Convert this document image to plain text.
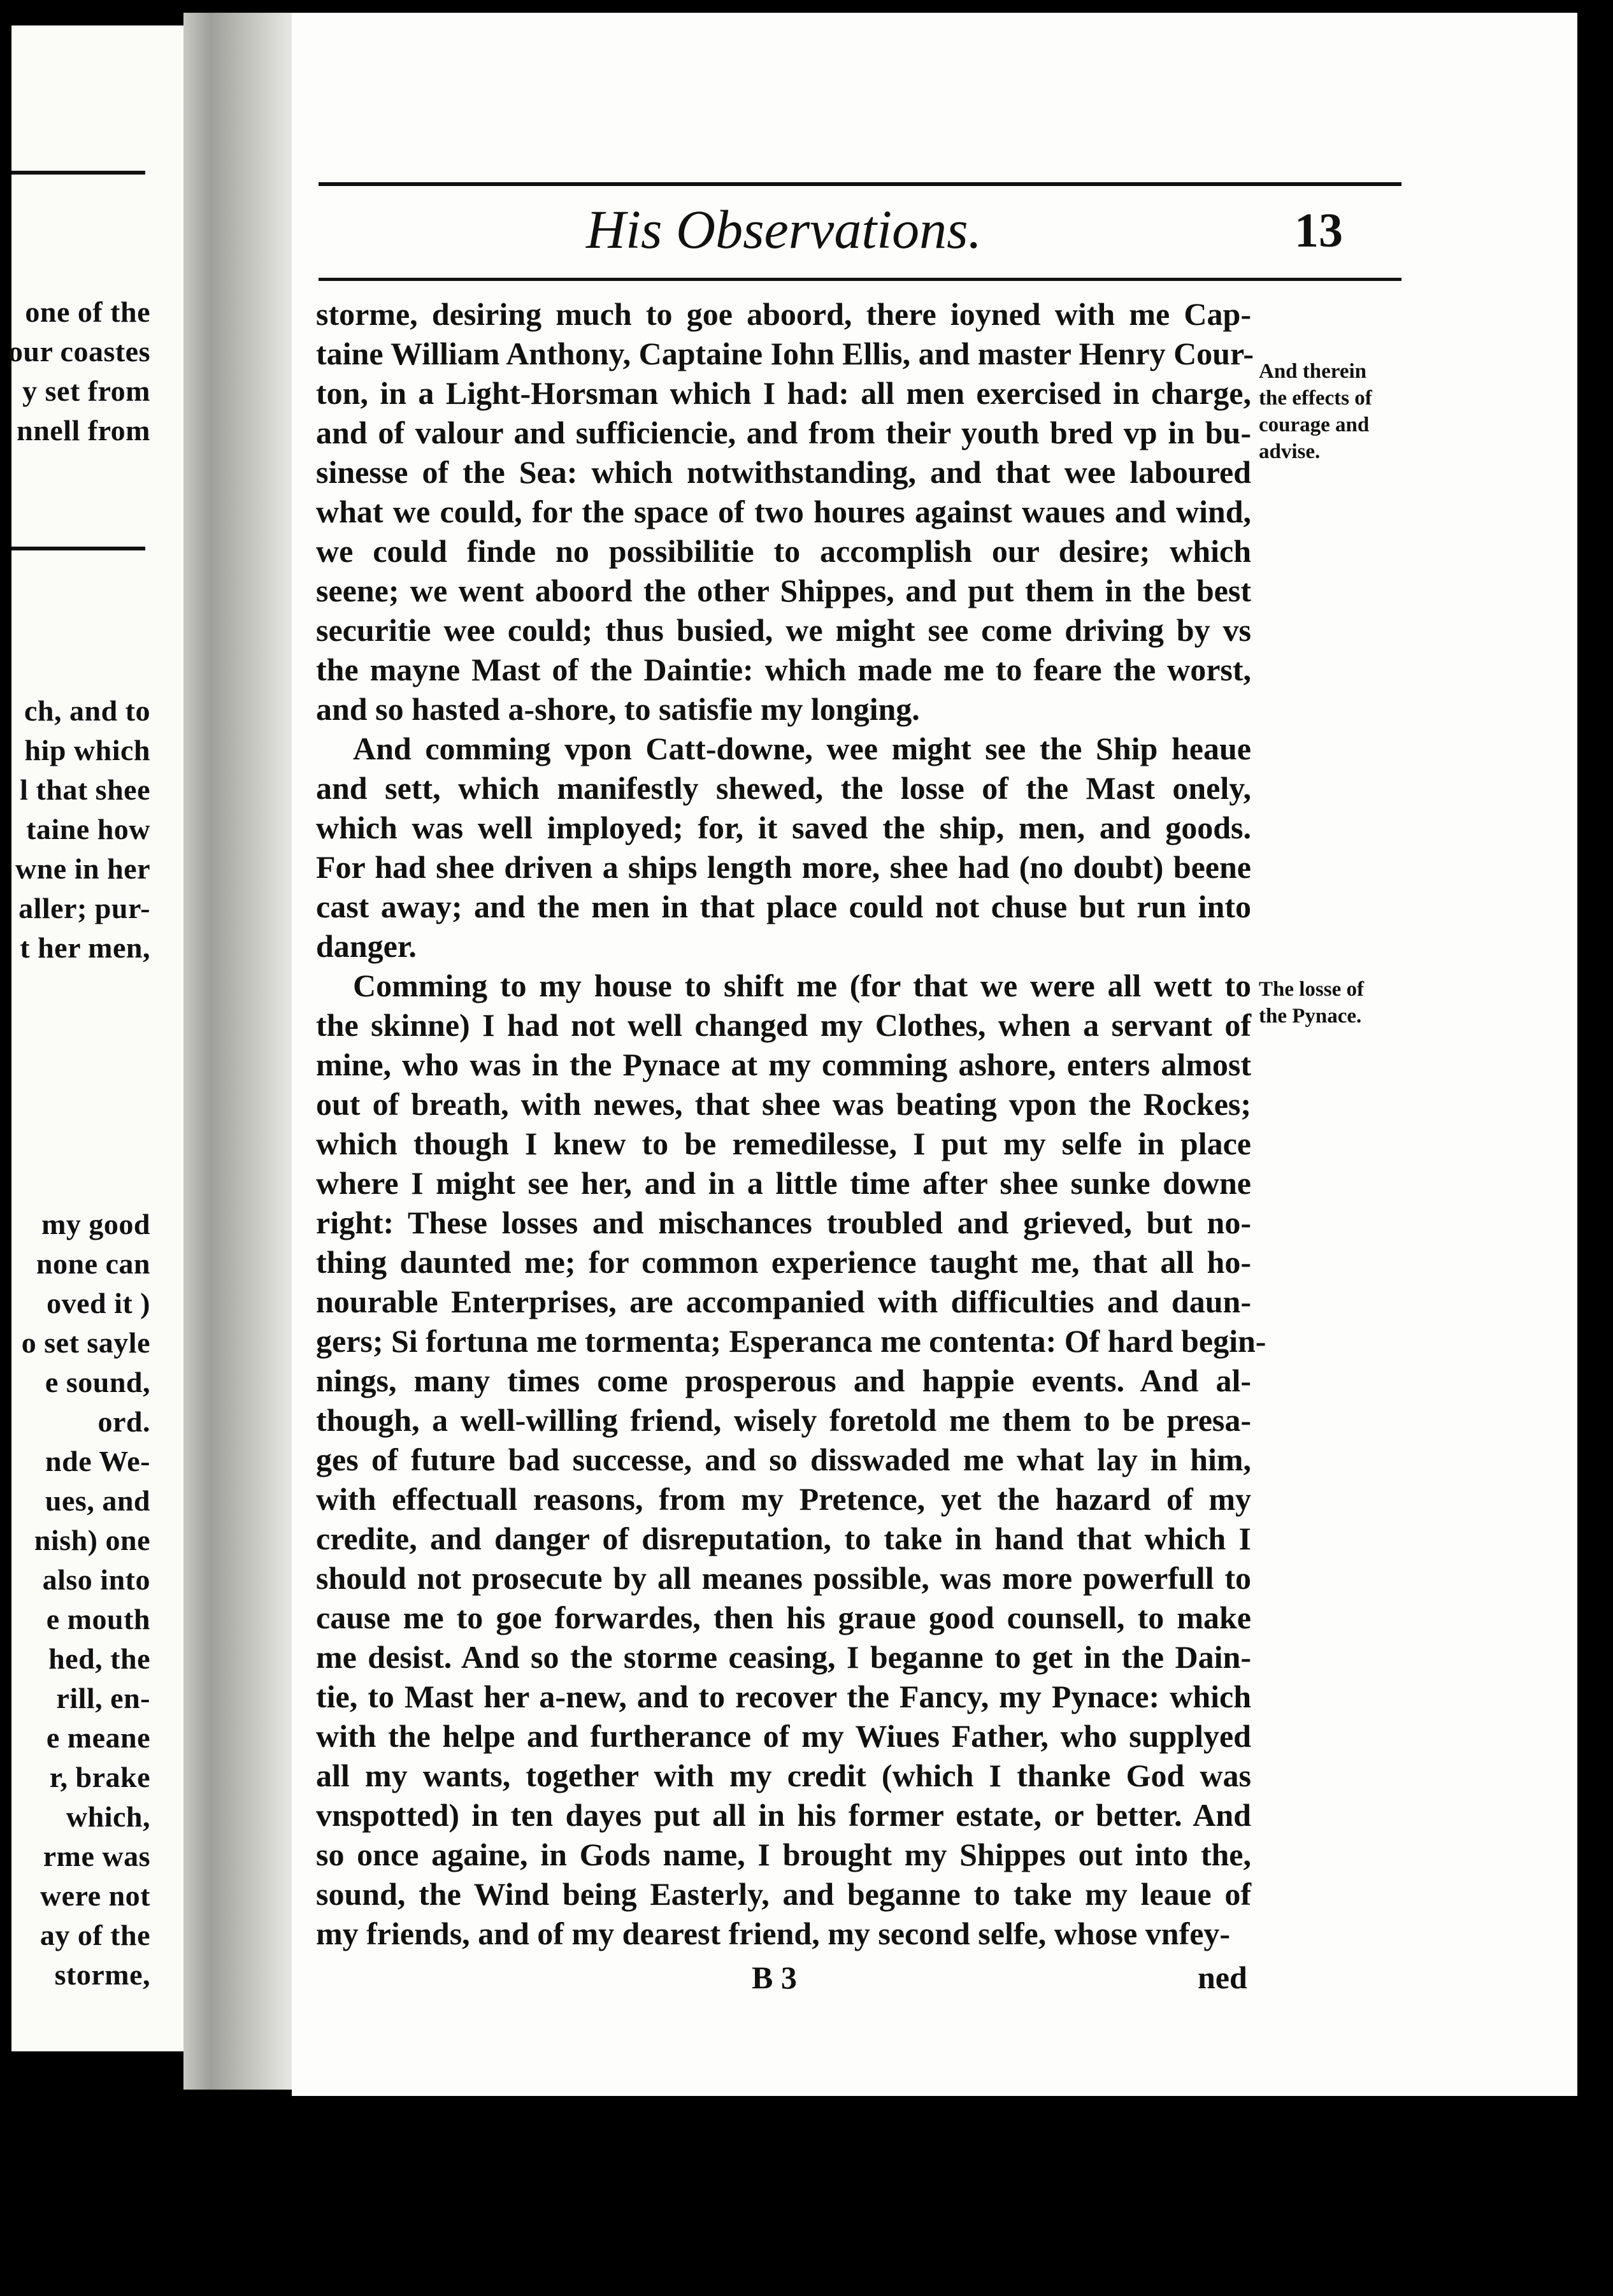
one of the
our coastes
y set from
nnell from
ch, and to
hip which
l that shee
taine how
wne in her
aller; pur-
t her men,
my good
none can
oved it )
o set sayle
e sound,
ord.
nde We-
ues, and
nish) one
also into
e mouth
hed, the
rill, en-
e meane
r, brake
which,
rme was
were not
ay of the
storme,
His Observations.	13
storme, desiring much to goe aboord, there ioyned with me Cap-
taine William Anthony, Captaine Iohn Ellis, and master Henry Cour-
ton, in a Light-Horsman which I had: all men exercised in charge,
and of valour and sufficiencie, and from their youth bred vp in bu-
sinesse of the Sea: which notwithstanding, and that wee laboured
what we could, for the space of two houres against waues and wind,
we could finde no possibilitie to accomplish our desire; which
seene; we went aboord the other Shippes, and put them in the best
securitie wee could; thus busied, we might see come driving by vs
the mayne Mast of the Daintie: which made me to feare the worst,
and so hasted a-shore, to satisfie my longing.
And comming vpon Catt-downe, wee might see the Ship heaue
and sett, which manifestly shewed, the losse of the Mast onely,
which was well imployed; for, it saved the ship, men, and goods.
For had shee driven a ships length more, shee had (no doubt) beene
cast away; and the men in that place could not chuse but run into
danger.
Comming to my house to shift me (for that we were all wett to
the skinne) I had not well changed my Clothes, when a servant of
mine, who was in the Pynace at my comming ashore, enters almost
out of breath, with newes, that shee was beating vpon the Rockes;
which though I knew to be remedilesse, I put my selfe in place
where I might see her, and in a little time after shee sunke downe
right: These losses and mischances troubled and grieved, but no-
thing daunted me; for common experience taught me, that all ho-
nourable Enterprises, are accompanied with difficulties and daun-
gers; Si fortuna me tormenta; Esperanca me contenta: Of hard begin-
nings, many times come prosperous and happie events. And al-
though, a well-willing friend, wisely foretold me them to be presa-
ges of future bad successe, and so disswaded me what lay in him,
with effectuall reasons, from my Pretence, yet the hazard of my
credite, and danger of disreputation, to take in hand that which I
should not prosecute by all meanes possible, was more powerfull to
cause me to goe forwardes, then his graue good counsell, to make
me desist. And so the storme ceasing, I beganne to get in the Dain-
tie, to Mast her a-new, and to recover the Fancy, my Pynace: which
with the helpe and furtherance of my Wiues Father, who supplyed
all my wants, together with my credit (which I thanke God was
vnspotted) in ten dayes put all in his former estate, or better. And
so once againe, in Gods name, I brought my Shippes out into the,
sound, the Wind being Easterly, and beganne to take my leaue of
my friends, and of my dearest friend, my second selfe, whose vnfey-
And therein
the effects of
courage and
advise.
The losse of
the Pynace.
B 3	ned
